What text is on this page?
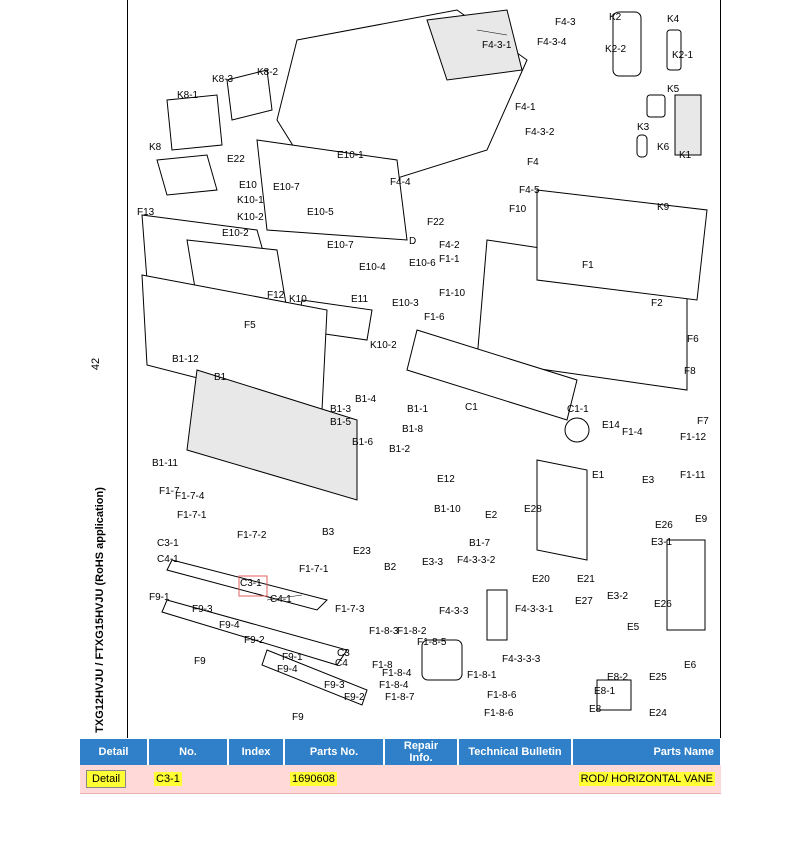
42
TXG12HVJU / FTXG15HVJU (RoHS application)
F4-3
F4-3-1	F4-3-4
K2	K4
K2-2
K2-1
K5
K3
K6
K1
K8-3
K8-2
K8-1
K8
E22	E10-1
F4-1
F4-3-2
F4
E10 E10-7	F4-4
F4-5
K9
F13
K10-1
K10-2	E10-5
F22
F10
E10-2
E10-7	F4-2
D
E10-4 E10-6 F1-1
F1
F12	E11
F1-10
E10-3	F2
F5
K10
F1-6
K10-2
F6
B1-12
B1
F8
B1-3
B1-4
B1-1	C1
B1-5
B1-8
C1-1
E14	F7
B1-6
F1-4	F1-12
B1-2
B1-11
E12	E1	F1-11
F1-7
F1-7-4
E3
F1-7-1
B1-10
E2
E28
E26
E9
F1-7-2	B3
E3-1
C3-1
C4-1
E23
B1-7
E3-3 F4-3-3-2
B2
F1-7-1
C3-1
C4-1
F1-7-3
E20	E21
E27 E3-2
E26
F9-1
F9-3
F9-4
F9-2
F4-3-3	F4-3-3-1
F1-8-3
F1-8-2
F1-8-5
C3
E5
F9	F9-1
F9-4
C4 F1-8
F1-8-4
F4-3-3-3
F9-3	F1-8-4
F1-8-1
E6
E25
F9-2
E8-1
E8-2
F1-8-7	F1-8-6
F9	F1-8-6	E8	E24
Detail	No.	Index	Parts No.	Repair Info.	Technical Bulletin	Parts Name
Detail	C3-1		1690608			ROD/ HORIZONTAL VANE
